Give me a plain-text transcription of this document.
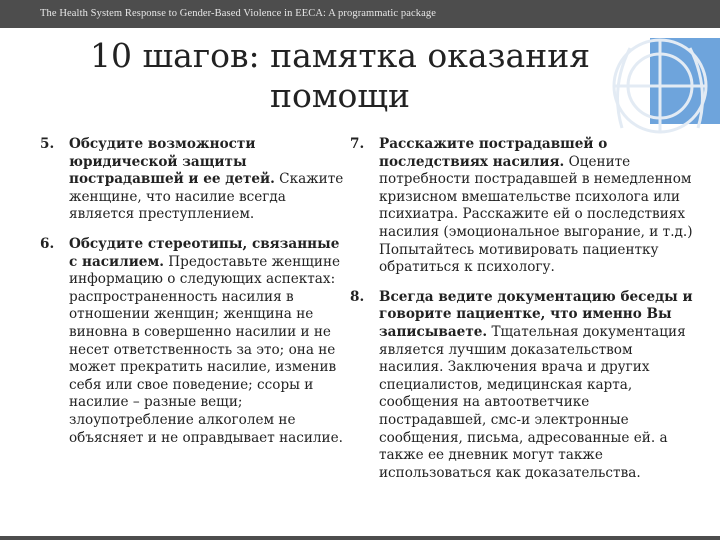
The Health System Response to Gender-Based Violence in EECA: A programmatic package
10 шагов: памятка оказания
помощи
5. Обсудите возможности юридической защиты пострадавшей и ее детей. Скажите женщине, что насилие всегда является преступлением.
6. Обсудите стереотипы, связанные с насилием. Предоставьте женщине информацию о следующих аспектах: распространенность насилия в отношении женщин; женщина не виновна в совершенно насилии и не несет ответственность за это; она не может прекратить насилие, изменив себя или свое поведение; ссоры и насилие – разные вещи; злоупотребление алкоголем не объясняет и не оправдывает насилие.
7. Расскажите пострадавшей о последствиях насилия. Оцените потребности пострадавшей в немедленном кризисном вмешательстве психолога или психиатра. Расскажите ей о последствиях насилия (эмоциональное выгорание, и т.д.) Попытайтесь мотивировать пациентку обратиться к психологу.
8. Всегда ведите документацию беседы и говорите пациентке, что именно Вы записываете. Тщательная документация является лучшим доказательством насилия. Заключения врача и других специалистов, медицинская карта, сообщения на автоответчике пострадавшей, смс-и электронные сообщения, письма, адресованные ей. а также ее дневник могут также использоваться как доказательства.
